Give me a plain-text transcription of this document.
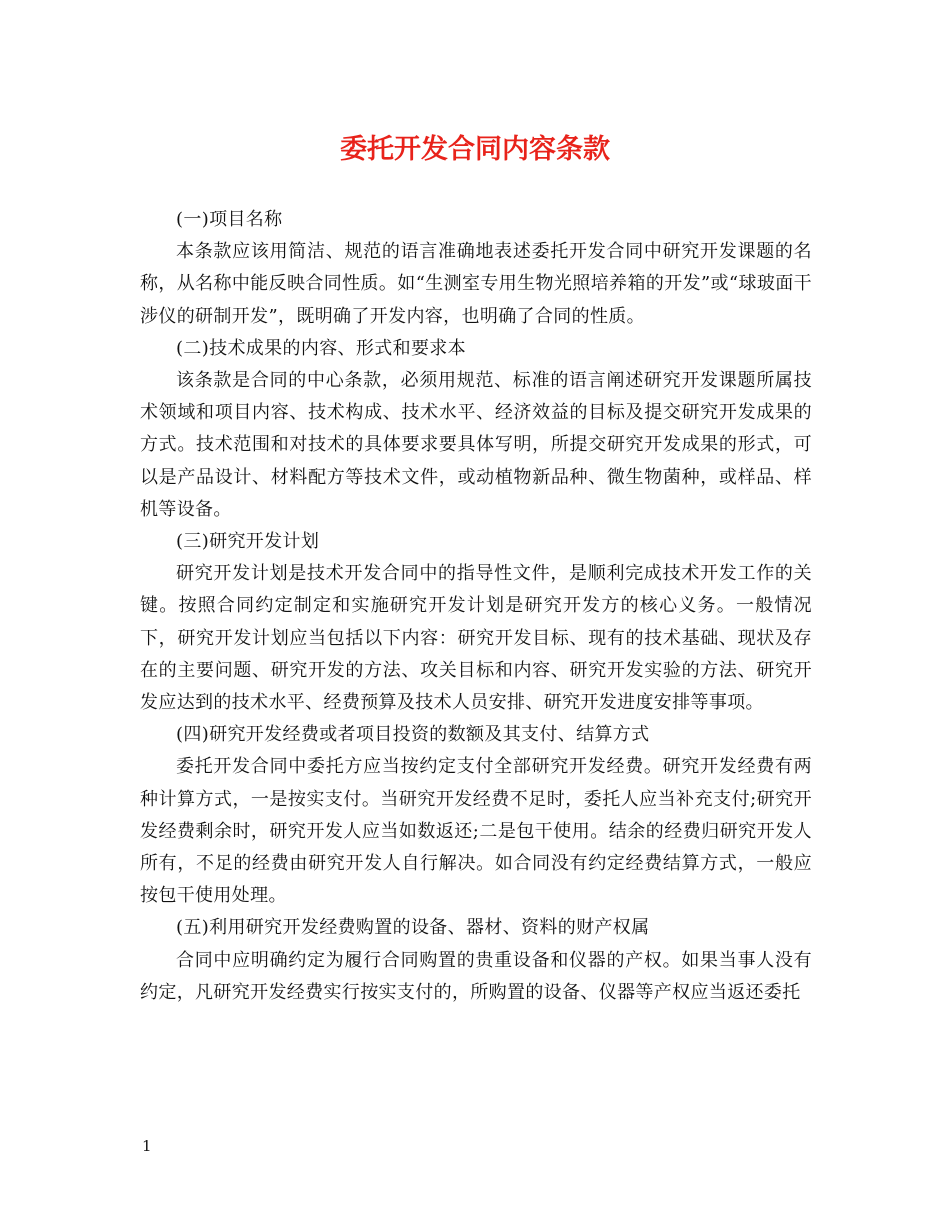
委托开发合同内容条款

(一)项目名称

本条款应该用简洁、规范的语言准确地表述委托开发合同中研究开发课题的名称，从名称中能反映合同性质。如“生测室专用生物光照培养箱的开发”或“球玻面干涉仪的研制开发”，既明确了开发内容，也明确了合同的性质。

(二)技术成果的内容、形式和要求本

该条款是合同的中心条款，必须用规范、标准的语言阐述研究开发课题所属技术领域和项目内容、技术构成、技术水平、经济效益的目标及提交研究开发成果的方式。技术范围和对技术的具体要求要具体写明，所提交研究开发成果的形式，可以是产品设计、材料配方等技术文件，或动植物新品种、微生物菌种，或样品、样机等设备。

(三)研究开发计划

研究开发计划是技术开发合同中的指导性文件，是顺利完成技术开发工作的关键。按照合同约定制定和实施研究开发计划是研究开发方的核心义务。一般情况下，研究开发计划应当包括以下内容：研究开发目标、现有的技术基础、现状及存在的主要问题、研究开发的方法、攻关目标和内容、研究开发实验的方法、研究开发应达到的技术水平、经费预算及技术人员安排、研究开发进度安排等事项。

(四)研究开发经费或者项目投资的数额及其支付、结算方式

委托开发合同中委托方应当按约定支付全部研究开发经费。研究开发经费有两种计算方式，一是按实支付。当研究开发经费不足时，委托人应当补充支付;研究开发经费剩余时，研究开发人应当如数返还;二是包干使用。结余的经费归研究开发人所有，不足的经费由研究开发人自行解决。如合同没有约定经费结算方式，一般应按包干使用处理。

(五)利用研究开发经费购置的设备、器材、资料的财产权属

合同中应明确约定为履行合同购置的贵重设备和仪器的产权。如果当事人没有约定，凡研究开发经费实行按实支付的，所购置的设备、仪器等产权应当返还委托

1
